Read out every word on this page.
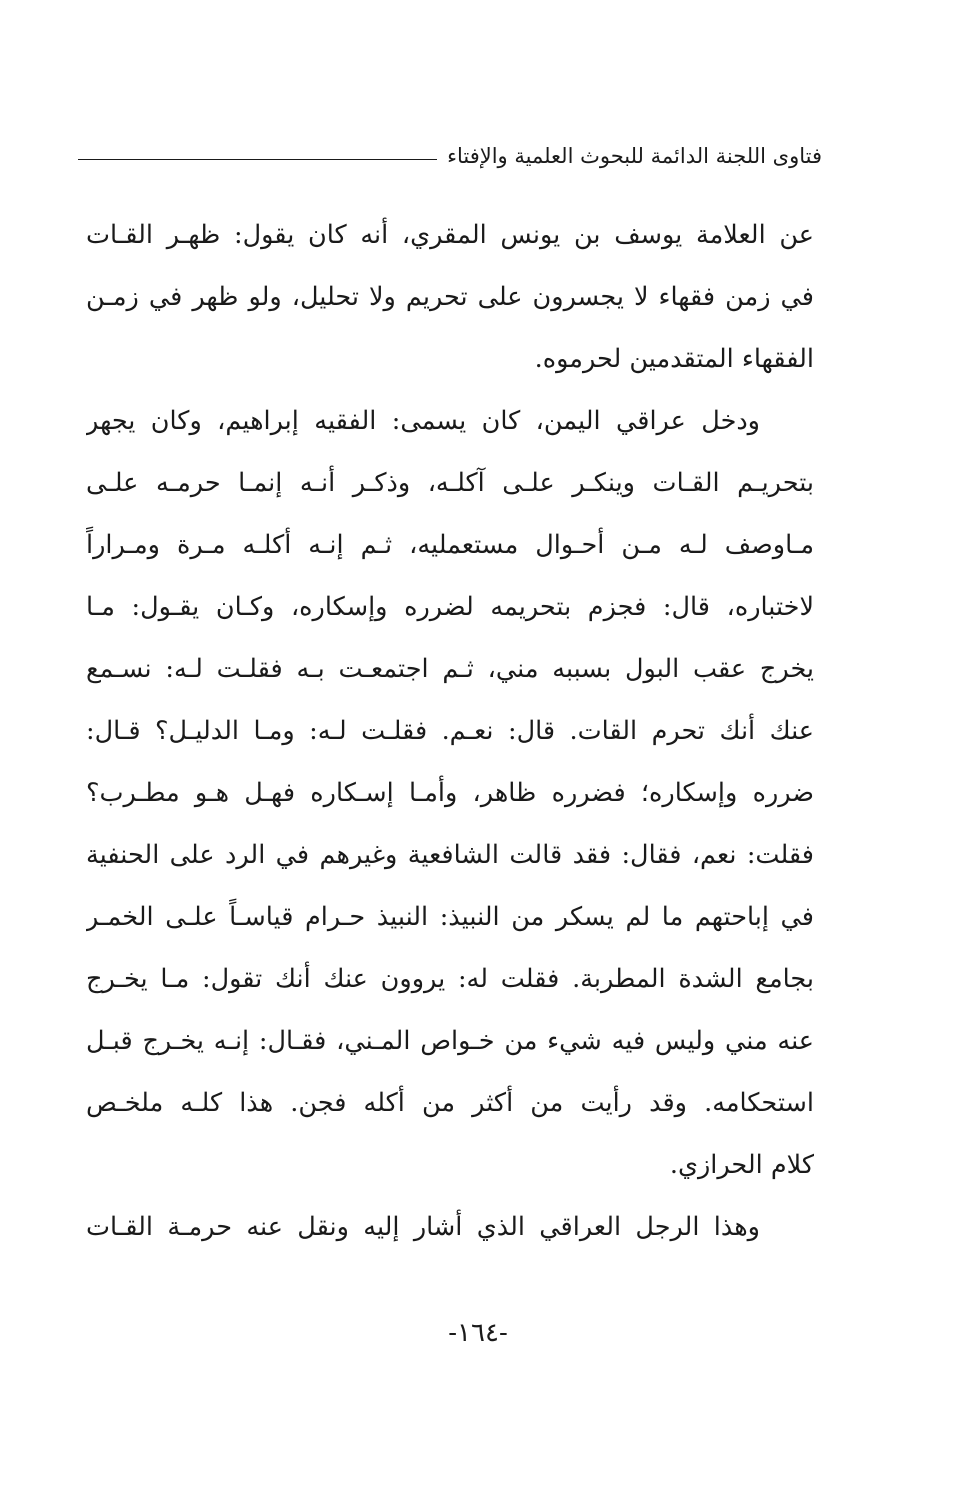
فتاوى اللجنة الدائمة للبحوث العلمية والإفتاء
عن العلامة يوسف بن يونس المقري، أنه كان يقول: ظهـر القـات
في زمن فقهاء لا يجسرون على تحريم ولا تحليل، ولو ظهر في زمـن
الفقهاء المتقدمين لحرموه.
ودخل عراقي اليمن، كان يسمى: الفقيه إبراهيم، وكان يجهر
بتحريـم القـات وينكـر علـى آكلـه، وذكـر أنـه إنمـا حرمـه علـى
مـاوصف لـه مـن أحـوال مستعمليه، ثـم إنـه أكلـه مـرة ومـراراً
لاختباره، قال: فجزم بتحريمه لضرره وإسكاره، وكـان يقـول: مـا
يخرج عقب البول بسببه مني، ثـم اجتمعـت بـه فقلـت لـه: نسـمع
عنك أنك تحرم القات. قال: نعـم. فقلـت لـه: ومـا الدليـل؟ قـال:
ضرره وإسكاره؛ فضرره ظاهر، وأمـا إسـكاره فهـل هـو مطـرب؟
فقلت: نعم، فقال: فقد قالت الشافعية وغيرهم في الرد على الحنفية
في إباحتهم ما لم يسكر من النبيذ: النبيذ حـرام قياسـاً علـى الخمـر
بجامع الشدة المطربة. فقلت له: يروون عنك أنك تقول: مـا يخـرج
عنه مني وليس فيه شيء من خـواص المـني، فقـال: إنـه يخـرج قبـل
استحكامه. وقد رأيت من أكثر من أكله فجن. هذا كلـه ملخـص
كلام الحرازي.
وهذا الرجل العراقي الذي أشار إليه ونقل عنه حرمـة القـات
-١٦٤-
